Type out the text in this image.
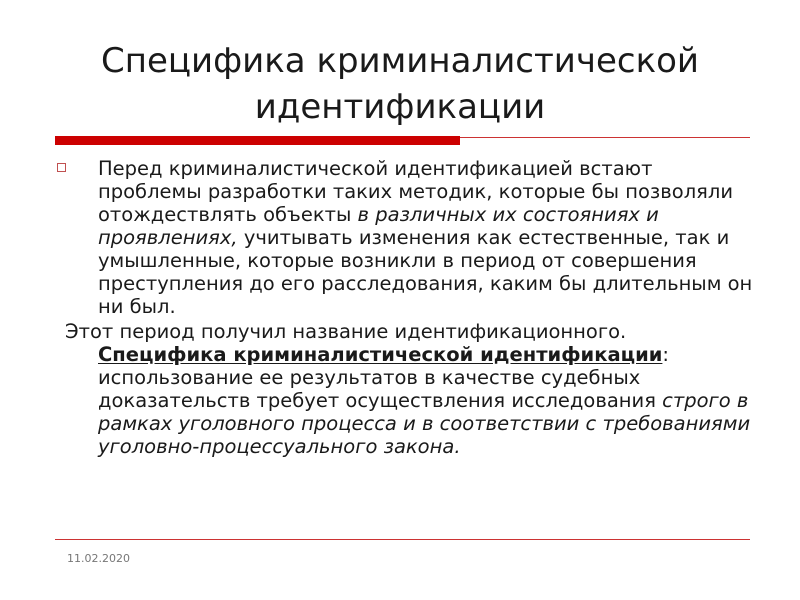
Специфика криминалистической идентификации
Перед криминалистической идентификацией встают проблемы разработки таких методик, которые бы позволяли отождествлять объекты в различных их состояниях и проявлениях, учитывать изменения как естественные, так и умышленные, которые возникли в период от совершения преступления до его расследования, каким бы длительным он ни был.
Этот период получил название идентификационного.
Специфика криминалистической идентификации: использование ее результатов в качестве судебных доказательств требует осуществления исследования строго в рамках уголовного процесса и в соответствии с требованиями уголовно-процессуального закона.
11.02.2020
